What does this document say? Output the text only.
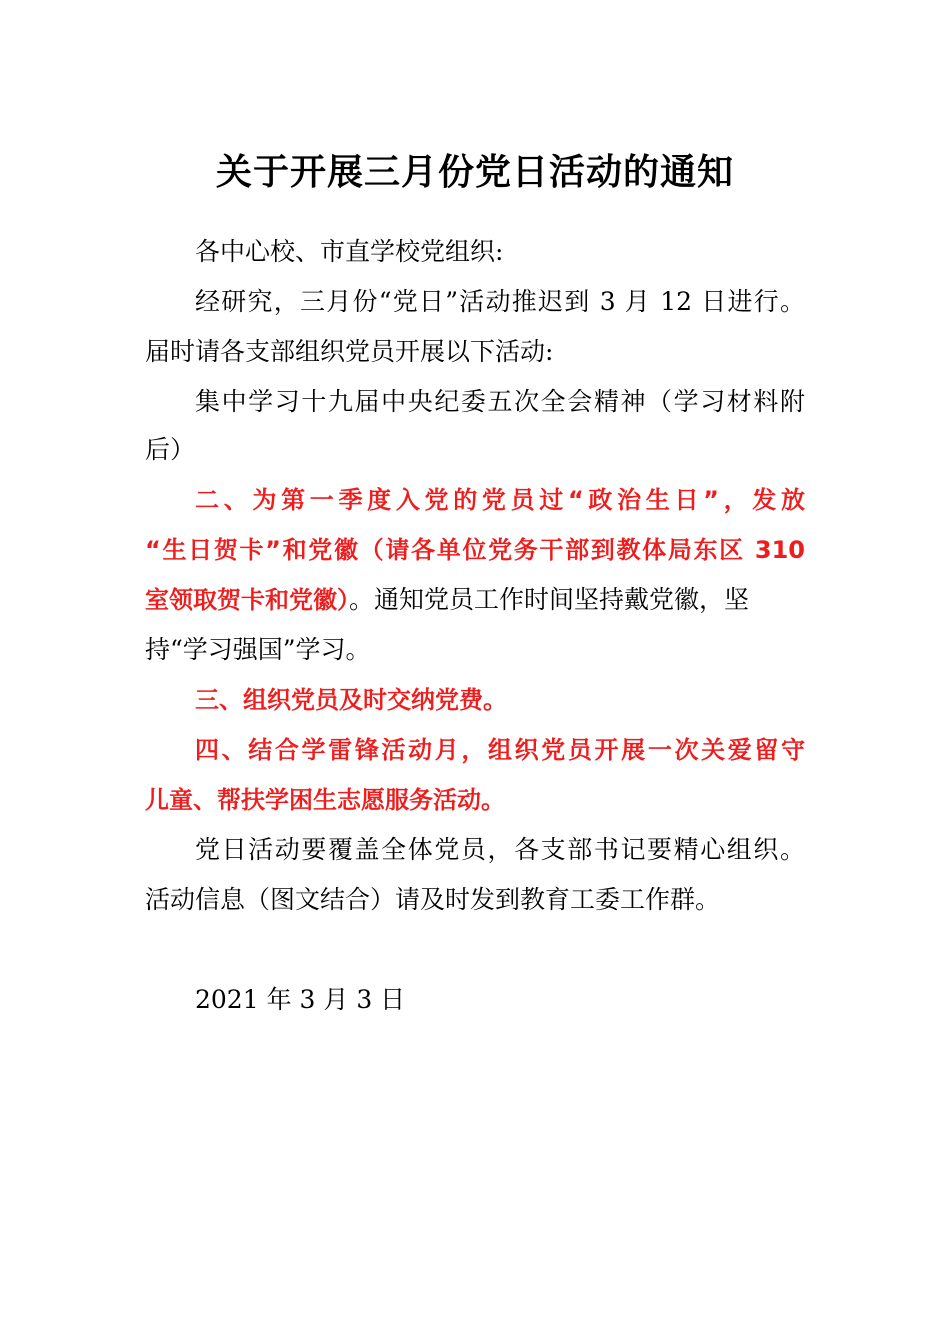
关于开展三月份党日活动的通知
各中心校、市直学校党组织:
经研究，三月份“党日”活动推迟到 3 月 12 日进行。
届时请各支部组织党员开展以下活动:
集中学习十九届中央纪委五次全会精神（学习材料附
后）
二、为第一季度入党的党员过“政治生日”，发放
“生日贺卡”和党徽（请各单位党务干部到教体局东区 310
室领取贺卡和党徽）。通知党员工作时间坚持戴党徽，坚
持“学习强国”学习。
三、组织党员及时交纳党费。
四、结合学雷锋活动月，组织党员开展一次关爱留守
儿童、帮扶学困生志愿服务活动。
党日活动要覆盖全体党员，各支部书记要精心组织。
活动信息（图文结合）请及时发到教育工委工作群。
2021 年 3 月 3 日
